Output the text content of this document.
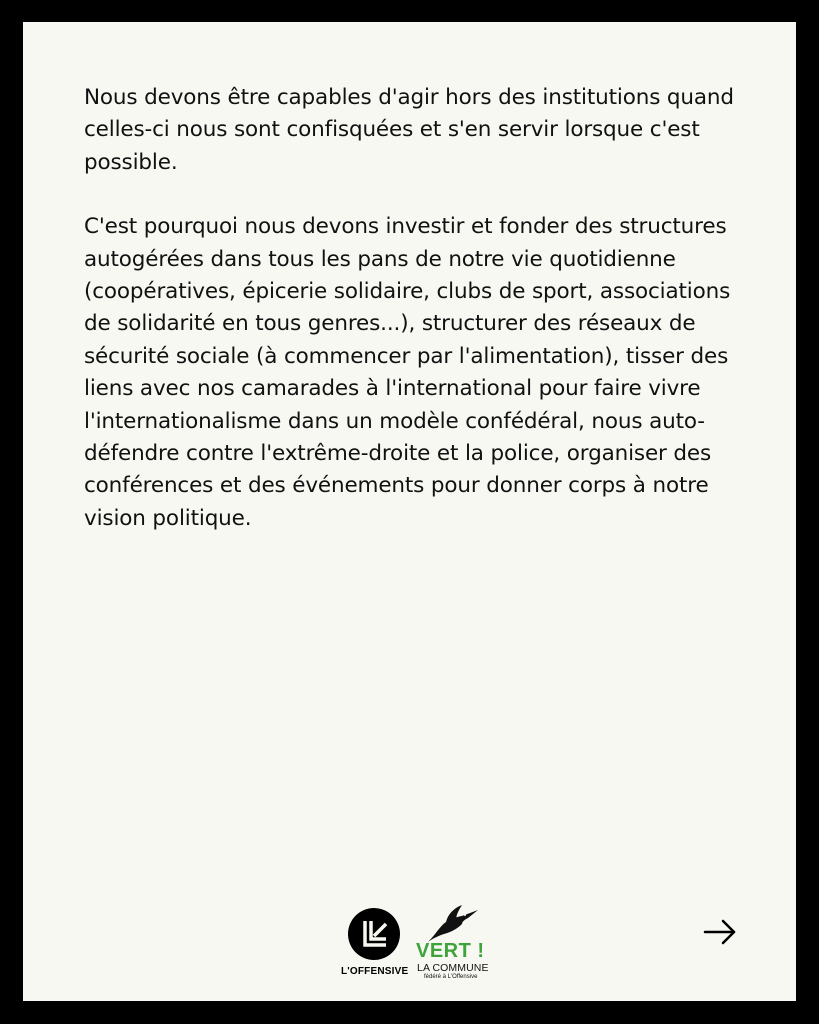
Nous devons être capables d'agir hors des institutions quand celles-ci nous sont confisquées et s'en servir lorsque c'est possible.

C'est pourquoi nous devons investir et fonder des structures autogérées dans tous les pans de notre vie quotidienne (coopératives, épicerie solidaire, clubs de sport, associations de solidarité en tous genres...), structurer des réseaux de sécurité sociale (à commencer par l'alimentation), tisser des liens avec nos camarades à l'international pour faire vivre l'internationalisme dans un modèle confédéral, nous auto-défendre contre l'extrême-droite et la police, organiser des conférences et des événements pour donner corps à notre vision politique.

L'OFFENSIVE
VERT !
LA COMMUNE
fédéré à L'Offensive
